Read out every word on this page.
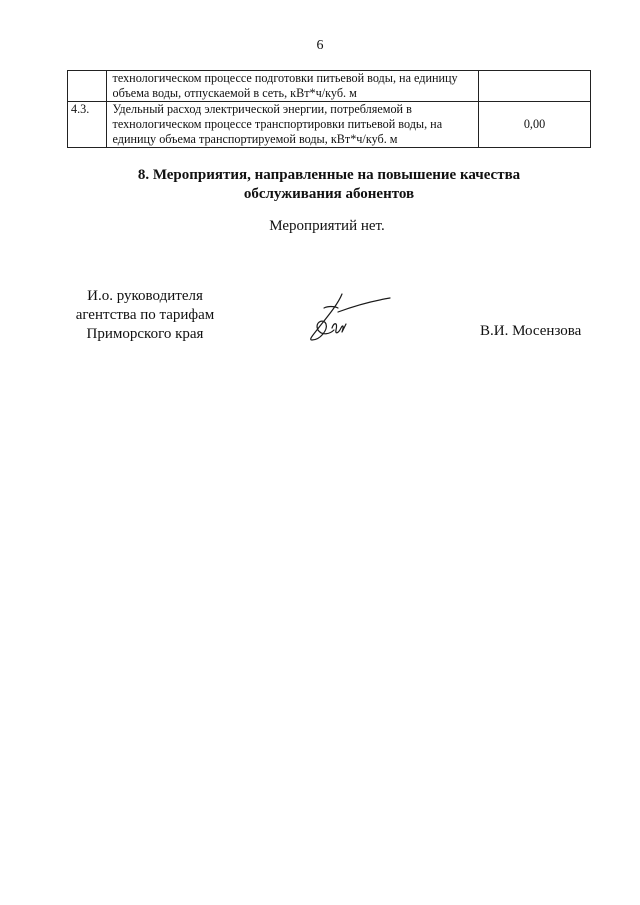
6
	технологическом процессе подготовки питьевой воды, на единицу объема воды, отпускаемой в сеть, кВт*ч/куб. м	
4.3.	Удельный расход электрической энергии, потребляемой в технологическом процессе транспортировки питьевой воды, на единицу объема транспортируемой воды, кВт*ч/куб. м	0,00
8. Мероприятия, направленные на повышение качества
обслуживания абонентов
Мероприятий нет.
И.о. руководителя
агентства по тарифам
Приморского края	В.И. Мосензова
